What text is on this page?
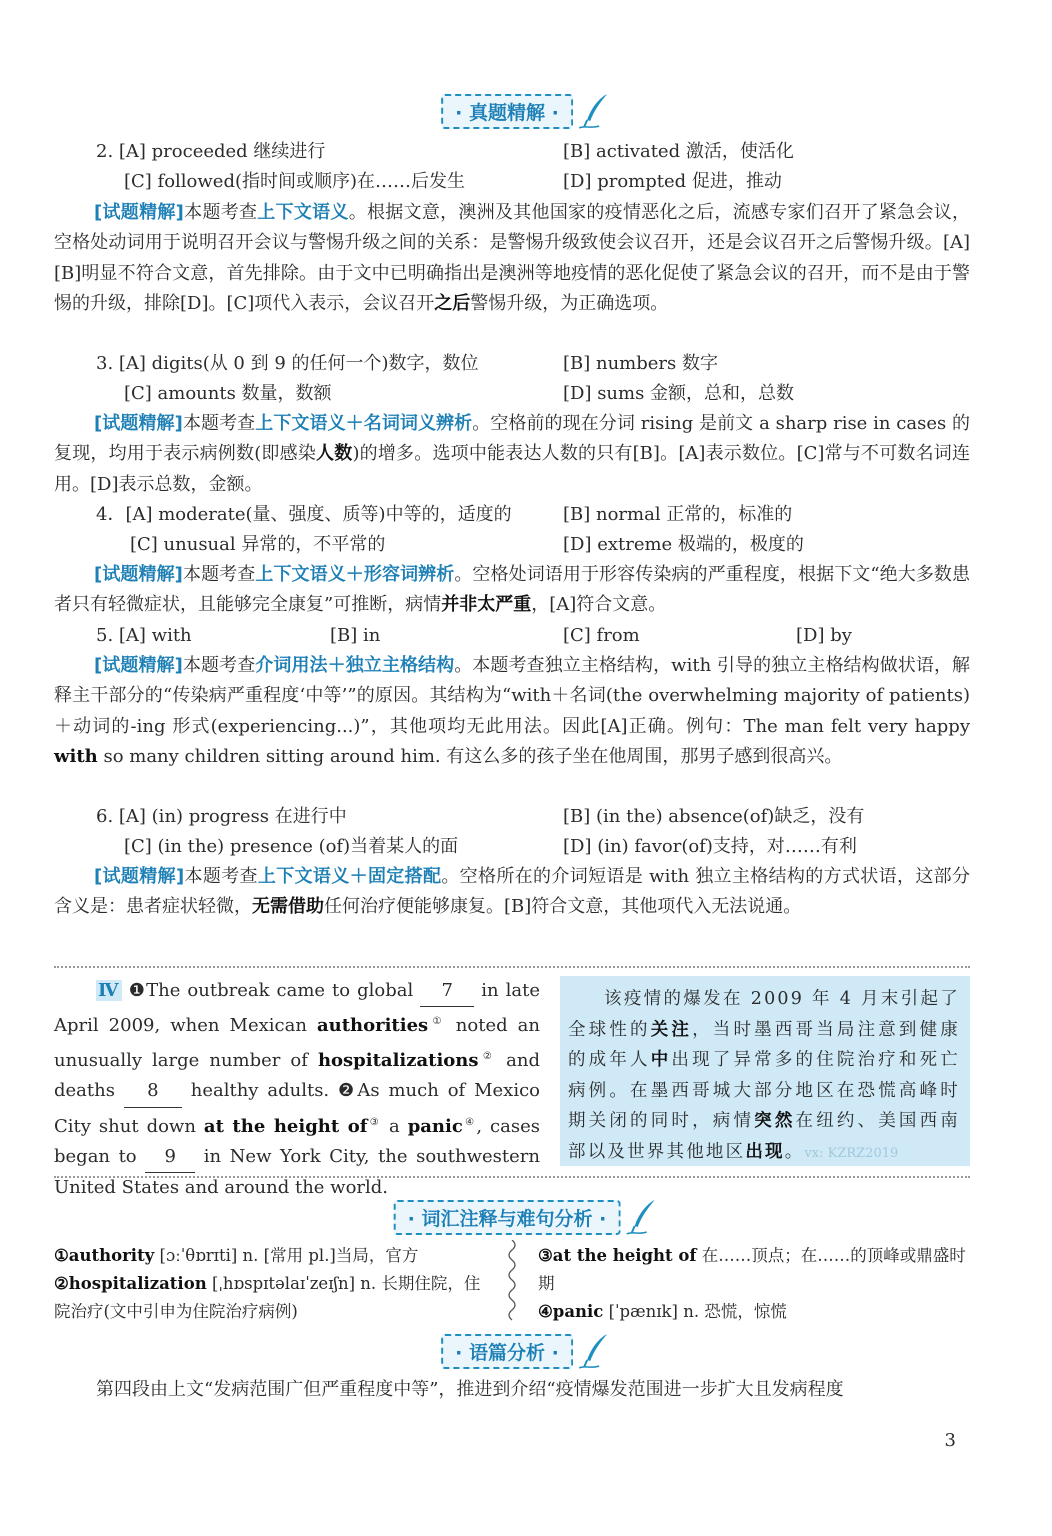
· 真题精解 ·
2. [A] proceeded 继续进行	[B] activated 激活，使活化
[C] followed(指时间或顺序)在……后发生	[D] prompted 促进，推动
[试题精解]本题考查上下文语义。根据文意，澳洲及其他国家的疫情恶化之后，流感专家们召开了紧急会议，空格处动词用于说明召开会议与警惕升级之间的关系：是警惕升级致使会议召开，还是会议召开之后警惕升级。[A][B]明显不符合文意，首先排除。由于文中已明确指出是澳洲等地疫情的恶化促使了紧急会议的召开，而不是由于警惕的升级，排除[D]。[C]项代入表示，会议召开之后警惕升级，为正确选项。
3. [A] digits(从 0 到 9 的任何一个)数字，数位	[B] numbers 数字
[C] amounts 数量，数额	[D] sums 金额，总和，总数
[试题精解]本题考查上下文语义＋名词词义辨析。空格前的现在分词 rising 是前文 a sharp rise in cases 的复现，均用于表示病例数(即感染人数)的增多。选项中能表达人数的只有[B]。[A]表示数位。[C]常与不可数名词连用。[D]表示总数，金额。
4．[A] moderate(量、强度、质等)中等的，适度的	[B] normal 正常的，标准的
[C] unusual 异常的，不平常的	[D] extreme 极端的，极度的
[试题精解]本题考查上下文语义＋形容词辨析。空格处词语用于形容传染病的严重程度，根据下文“绝大多数患者只有轻微症状，且能够完全康复”可推断，病情并非太严重，[A]符合文意。
5. [A] with	[B] in	[C] from	[D] by
[试题精解]本题考查介词用法＋独立主格结构。本题考查独立主格结构，with 引导的独立主格结构做状语，解释主干部分的“传染病严重程度‘中等’”的原因。其结构为“with＋名词(the overwhelming majority of patients)＋动词的-ing 形式(experiencing...)”，其他项均无此用法。因此[A]正确。例句：The man felt very happy with so many children sitting around him. 有这么多的孩子坐在他周围，那男子感到很高兴。
6. [A] (in) progress 在进行中	[B] (in the) absence(of)缺乏，没有
[C] (in the) presence (of)当着某人的面	[D] (in) favor(of)支持，对……有利
[试题精解]本题考查上下文语义＋固定搭配。空格所在的介词短语是 with 独立主格结构的方式状语，这部分含义是：患者症状轻微，无需借助任何治疗便能够康复。[B]符合文意，其他项代入无法说通。
Ⅳ ❶The outbreak came to global 7 in late April 2009, when Mexican authorities① noted an unusually large number of hospitalizations② and deaths 8 healthy adults. ❷As much of Mexico City shut down at the height of③ a panic④, cases began to 9 in New York City, the southwestern United States and around the world.
该疫情的爆发在 2009 年 4 月末引起了全球性的关注，当时墨西哥当局注意到健康的成年人中出现了异常多的住院治疗和死亡病例。在墨西哥城大部分地区在恐慌高峰时期关闭的同时，病情突然在纽约、美国西南部以及世界其他地区出现。vx: KZRZ2019
· 词汇注释与难句分析 ·
①authority [ɔːˈθɒrɪti] n. [常用 pl.]当局，官方
②hospitalization [ˌhɒspɪtəlaɪˈzeɪʃn] n. 长期住院，住
院治疗(文中引申为住院治疗病例)
③at the height of 在……顶点；在……的顶峰或鼎盛时
期
④panic [ˈpænɪk] n. 恐慌，惊慌
· 语篇分析 ·
第四段由上文“发病范围广但严重程度中等”，推进到介绍“疫情爆发范围进一步扩大且发病程度
3
